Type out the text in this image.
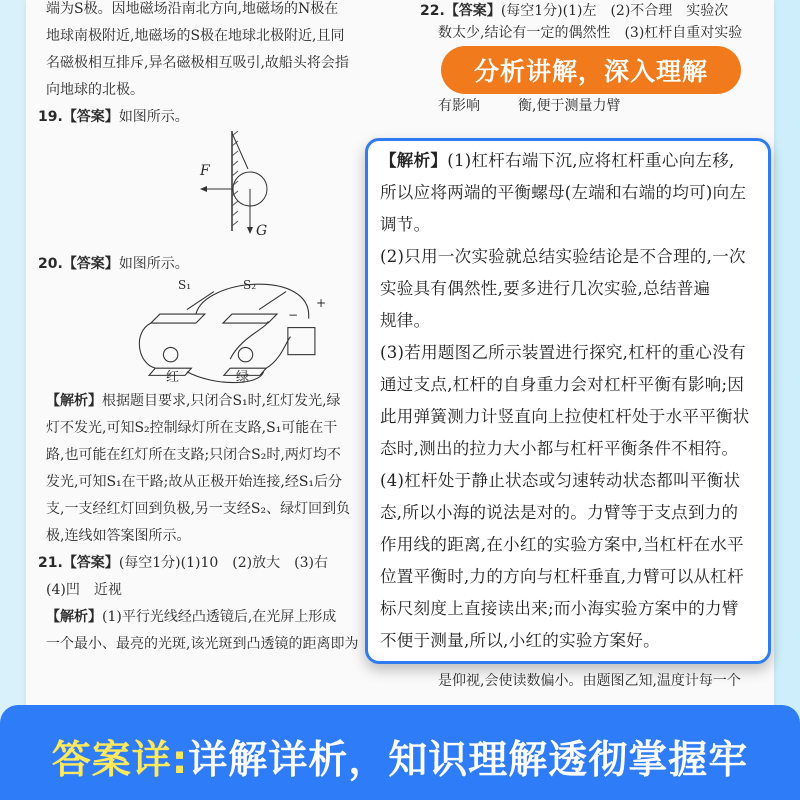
端为S极。因地磁场沿南北方向,地磁场的N极在

地球南极附近,地磁场的S极在地球北极附近,且同

名磁极相互排斥,异名磁极相互吸引,故船头将会指

向地球的北极。

19.【答案】如图所示。

F
G

20.【答案】如图所示。

S₁	S₂
−
+
红	绿

【解析】根据题目要求,只闭合S₁时,红灯发光,绿

灯不发光,可知S₂控制绿灯所在支路,S₁可能在干

路,也可能在红灯所在支路;只闭合S₂时,两灯均不

发光,可知S₁在干路;故从正极开始连接,经S₁后分

支,一支经红灯回到负极,另一支经S₂、绿灯回到负

极,连线如答案图所示。

21.【答案】(每空1分)(1)10　(2)放大　(3)右

(4)凹　近视

【解析】(1)平行光线经凸透镜后,在光屏上形成

一个最小、最亮的光斑,该光斑到凸透镜的距离即为

22.【答案】(每空1分)(1)左　(2)不合理　实验次

数太少,结论有一定的偶然性　(3)杠杆自重对实验

有影响	衡,便于测量力臂

是仰视,会使读数偏小。由题图乙知,温度计每一个

分析讲解，深入理解

【解析】(1)杠杆右端下沉,应将杠杆重心向左移,

所以应将两端的平衡螺母(左端和右端的均可)向左

调节。

(2)只用一次实验就总结实验结论是不合理的,一次

实验具有偶然性,要多进行几次实验,总结普遍

规律。

(3)若用题图乙所示装置进行探究,杠杆的重心没有

通过支点,杠杆的自身重力会对杠杆平衡有影响;因

此用弹簧测力计竖直向上拉使杠杆处于水平平衡状

态时,测出的拉力大小都与杠杆平衡条件不相符。

(4)杠杆处于静止状态或匀速转动状态都叫平衡状

态,所以小海的说法是对的。力臂等于支点到力的

作用线的距离,在小红的实验方案中,当杠杆在水平

位置平衡时,力的方向与杠杆垂直,力臂可以从杠杆

标尺刻度上直接读出来;而小海实验方案中的力臂

不便于测量,所以,小红的实验方案好。

答案详: 详解详析，知识理解透彻掌握牢
